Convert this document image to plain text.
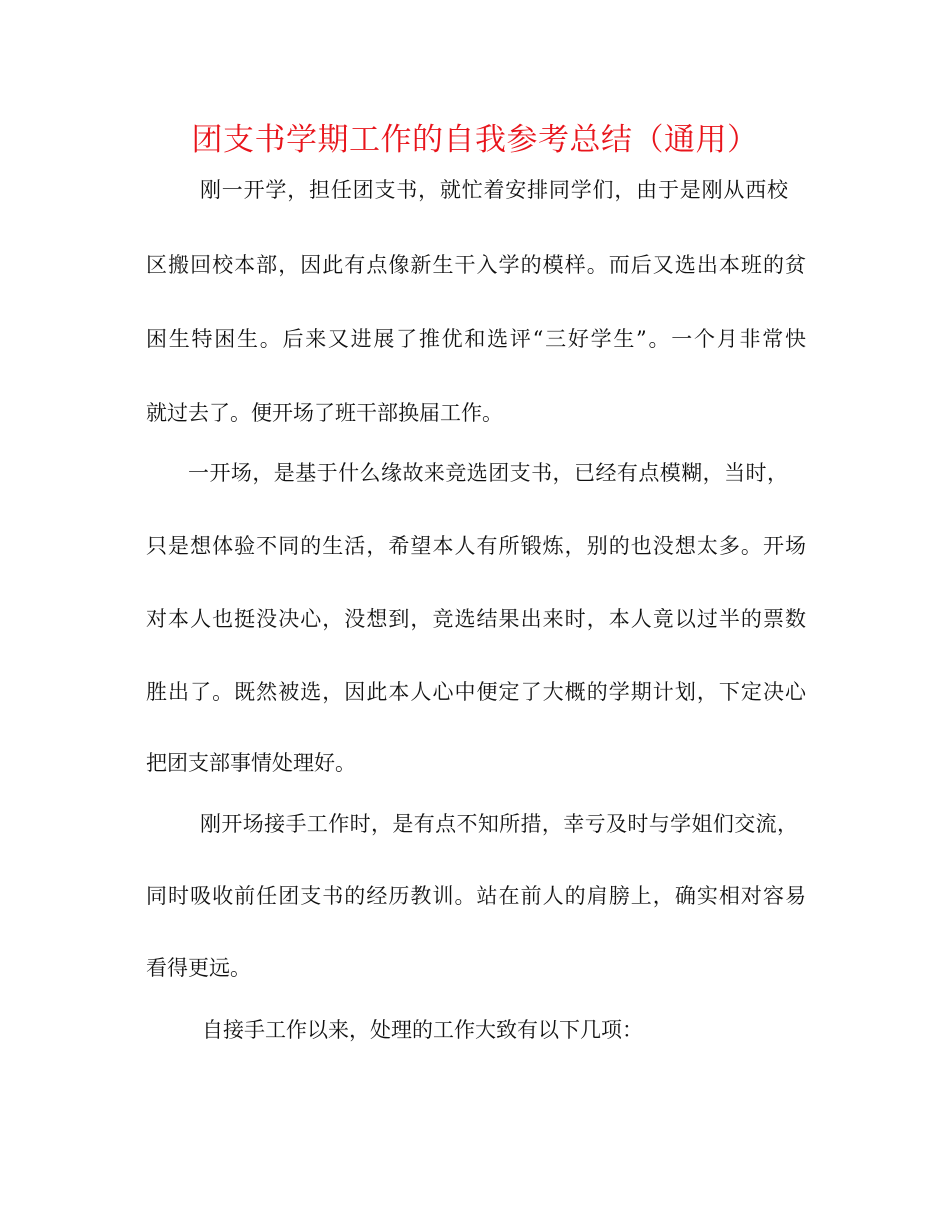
团支书学期工作的自我参考总结（通用）
刚一开学，担任团支书，就忙着安排同学们，由于是刚从西校
区搬回校本部，因此有点像新生干入学的模样。而后又选出本班的贫
困生特困生。后来又进展了推优和选评“三好学生”。一个月非常快
就过去了。便开场了班干部换届工作。
一开场，是基于什么缘故来竞选团支书，已经有点模糊，当时，
只是想体验不同的生活，希望本人有所锻炼，别的也没想太多。开场
对本人也挺没决心，没想到，竞选结果出来时，本人竟以过半的票数
胜出了。既然被选，因此本人心中便定了大概的学期计划，下定决心
把团支部事情处理好。
刚开场接手工作时，是有点不知所措，幸亏及时与学姐们交流，
同时吸收前任团支书的经历教训。站在前人的肩膀上，确实相对容易
看得更远。
自接手工作以来，处理的工作大致有以下几项：
